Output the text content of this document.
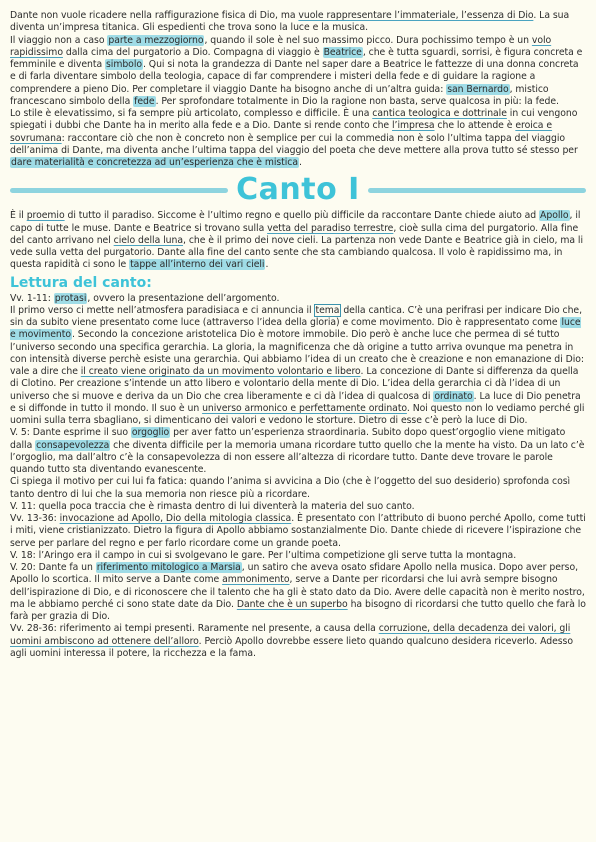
Dante non vuole ricadere nella raffigurazione fisica di Dio, ma vuole rappresentare l’immateriale, l’essenza di Dio. La sua diventa un’impresa titanica. Gli espedienti che trova sono la luce e la musica.

Il viaggio non a caso parte a mezzogiorno, quando il sole è nel suo massimo picco. Dura pochissimo tempo è un volo rapidissimo dalla cima del purgatorio a Dio. Compagna di viaggio è Beatrice, che è tutta sguardi, sorrisi, è figura concreta e femminile e diventa simbolo. Qui si nota la grandezza di Dante nel saper dare a Beatrice le fattezze di una donna concreta e di farla diventare simbolo della teologia, capace di far comprendere i misteri della fede e di guidare la ragione a comprendere a pieno Dio. Per completare il viaggio Dante ha bisogno anche di un’altra guida: san Bernardo, mistico francescano simbolo della fede. Per sprofondare totalmente in Dio la ragione non basta, serve qualcosa in più: la fede.

Lo stile è elevatissimo, si fa sempre più articolato, complesso e difficile. È una cantica teologica e dottrinale in cui vengono spiegati i dubbi che Dante ha in merito alla fede e a Dio. Dante si rende conto che l’impresa che lo attende è eroica e sovrumana: raccontare ciò che non è concreto non è semplice per cui la commedia non è solo l’ultima tappa del viaggio dell’anima di Dante, ma diventa anche l’ultima tappa del viaggio del poeta che deve mettere alla prova tutto sé stesso per dare materialità e concretezza ad un’esperienza che è mistica.

Canto I

È il proemio di tutto il paradiso. Siccome è l’ultimo regno e quello più difficile da raccontare Dante chiede aiuto ad Apollo, il capo di tutte le muse. Dante e Beatrice si trovano sulla vetta del paradiso terrestre, cioè sulla cima del purgatorio. Alla fine del canto arrivano nel cielo della luna, che è il primo dei nove cieli. La partenza non vede Dante e Beatrice già in cielo, ma li vede sulla vetta del purgatorio. Dante alla fine del canto sente che sta cambiando qualcosa. Il volo è rapidissimo ma, in questa rapidità ci sono le tappe all’interno dei vari cieli.

Lettura del canto:

Vv. 1-11: protasi, ovvero la presentazione dell’argomento.

Il primo verso ci mette nell’atmosfera paradisiaca e ci annuncia il tema della cantica. C’è una perifrasi per indicare Dio che, sin da subito viene presentato come luce (attraverso l’idea della gloria) e come movimento. Dio è rappresentato come luce e movimento. Secondo la concezione aristotelica Dio è motore immobile. Dio però è anche luce che permea di sé tutto l’universo secondo una specifica gerarchia. La gloria, la magnificenza che dà origine a tutto arriva ovunque ma penetra in con intensità diverse perchè esiste una gerarchia. Qui abbiamo l’idea di un creato che è creazione e non emanazione di Dio: vale a dire che il creato viene originato da un movimento volontario e libero. La concezione di Dante si differenza da quella di Clotino. Per creazione s’intende un atto libero e volontario della mente di Dio. L’idea della gerarchia ci dà l’idea di un universo che si muove e deriva da un Dio che crea liberamente e ci dà l’idea di qualcosa di ordinato. La luce di Dio penetra e si diffonde in tutto il mondo. Il suo è un universo armonico e perfettamente ordinato. Noi questo non lo vediamo perché gli uomini sulla terra sbagliano, si dimenticano dei valori e vedono le storture. Dietro di esse c’è però la luce di Dio.

V. 5: Dante esprime il suo orgoglio per aver fatto un’esperienza straordinaria. Subito dopo quest’orgoglio viene mitigato dalla consapevolezza che diventa difficile per la memoria umana ricordare tutto quello che la mente ha visto. Da un lato c’è l’orgoglio, ma dall’altro c’è la consapevolezza di non essere all’altezza di ricordare tutto. Dante deve trovare le parole quando tutto sta diventando evanescente.

Ci spiega il motivo per cui lui fa fatica: quando l’anima si avvicina a Dio (che è l’oggetto del suo desiderio) sprofonda così tanto dentro di lui che la sua memoria non riesce più a ricordare.

V. 11: quella poca traccia che è rimasta dentro di lui diventerà la materia del suo canto.

Vv. 13-36: invocazione ad Apollo, Dio della mitologia classica. È presentato con l’attributo di buono perché Apollo, come tutti i miti, viene cristianizzato. Dietro la figura di Apollo abbiamo sostanzialmente Dio. Dante chiede di ricevere l’ispirazione che serve per parlare del regno e per farlo ricordare come un grande poeta.

V. 18: l’Aringo era il campo in cui si svolgevano le gare. Per l’ultima competizione gli serve tutta la montagna.

V. 20: Dante fa un riferimento mitologico a Marsia, un satiro che aveva osato sfidare Apollo nella musica. Dopo aver perso, Apollo lo scortica. Il mito serve a Dante come ammonimento, serve a Dante per ricordarsi che lui avrà sempre bisogno dell’ispirazione di Dio, e di riconoscere che il talento che ha gli è stato dato da Dio. Avere delle capacità non è merito nostro, ma le abbiamo perché ci sono state date da Dio. Dante che è un superbo ha bisogno di ricordarsi che tutto quello che farà lo farà per grazia di Dio.

Vv. 28-36: riferimento ai tempi presenti. Raramente nel presente, a causa della corruzione, della decadenza dei valori, gli uomini ambiscono ad ottenere dell’alloro. Perciò Apollo dovrebbe essere lieto quando qualcuno desidera riceverlo. Adesso agli uomini interessa il potere, la ricchezza e la fama.
